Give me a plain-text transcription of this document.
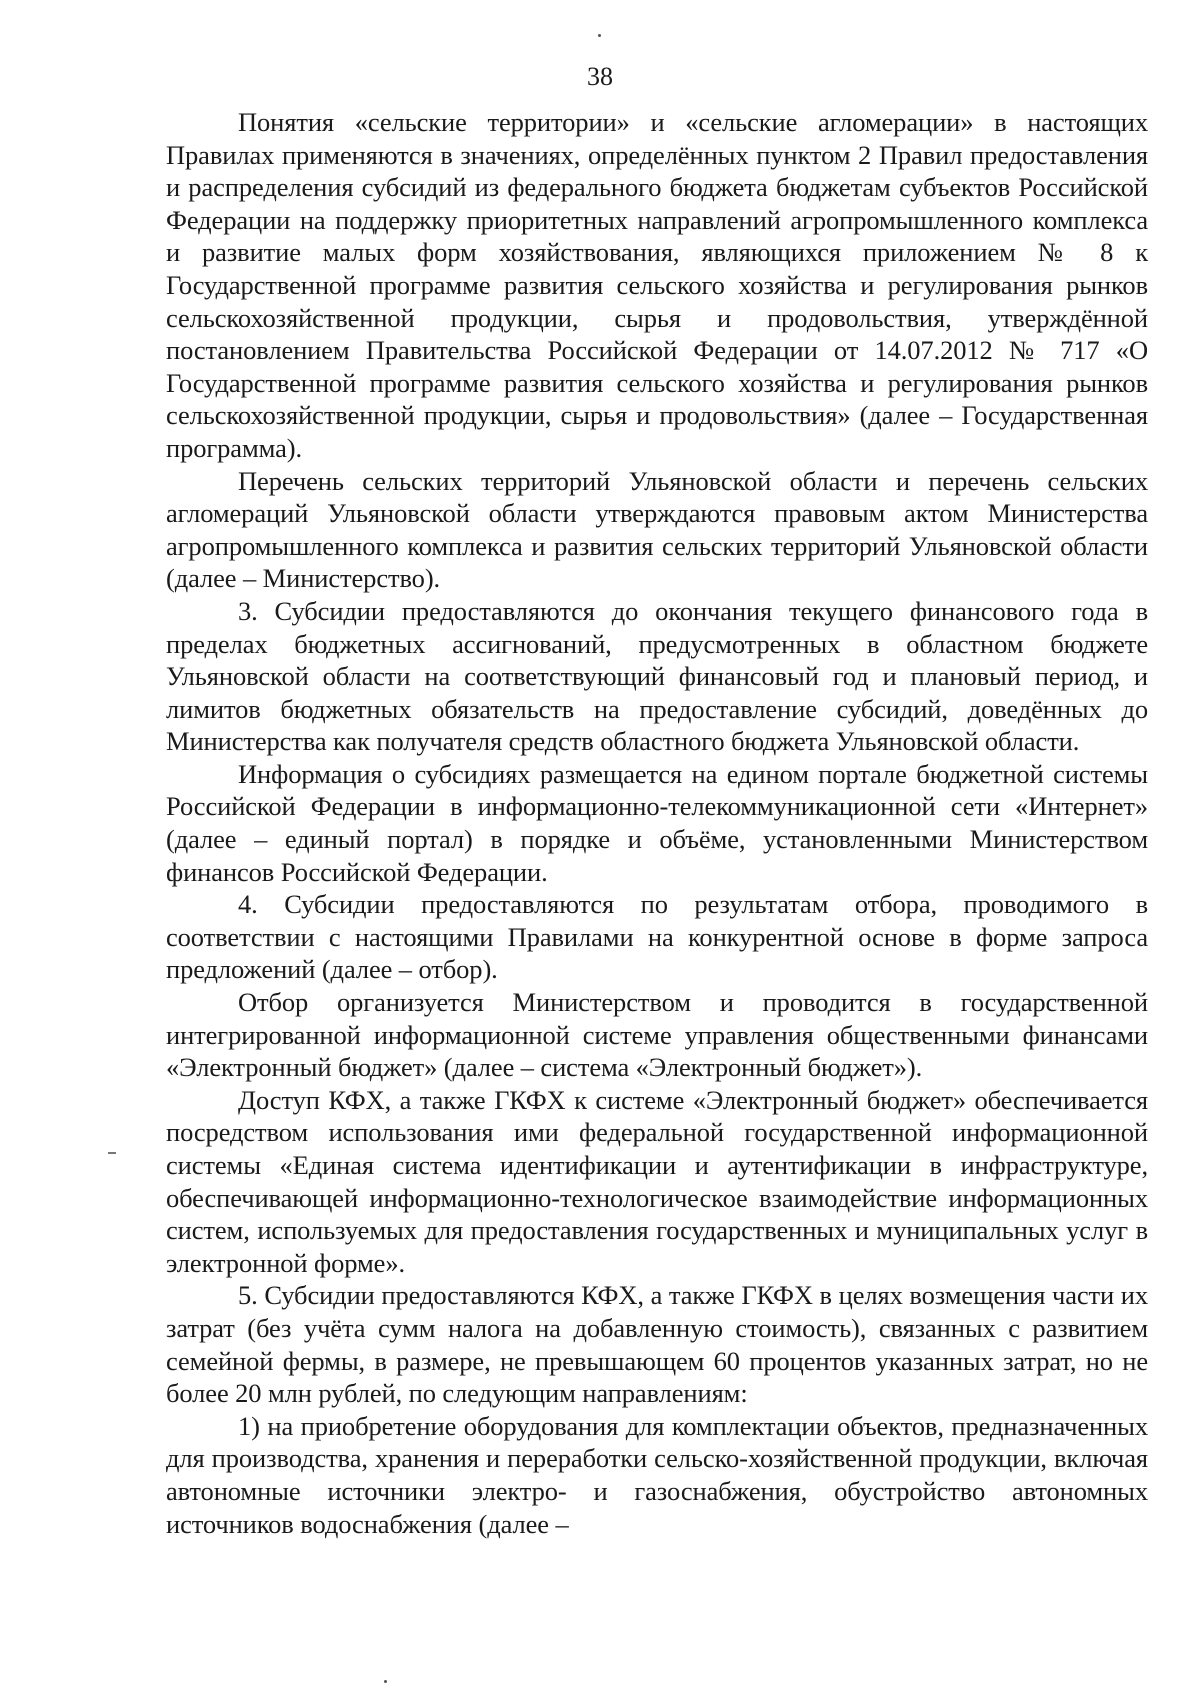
38

Понятия «сельские территории» и «сельские агломерации» в настоящих Правилах применяются в значениях, определённых пунктом 2 Правил предоставления и распределения субсидий из федерального бюджета бюджетам субъектов Российской Федерации на поддержку приоритетных направлений агропромышленного комплекса и развитие малых форм хозяйствования, являющихся приложением № 8 к Государственной программе развития сельского хозяйства и регулирования рынков сельскохозяйственной продукции, сырья и продовольствия, утверждённой постановлением Правительства Российской Федерации от 14.07.2012 № 717 «О Государственной программе развития сельского хозяйства и регулирования рынков сельскохозяйственной продукции, сырья и продовольствия» (далее – Государственная программа).

Перечень сельских территорий Ульяновской области и перечень сельских агломераций Ульяновской области утверждаются правовым актом Министерства агропромышленного комплекса и развития сельских территорий Ульяновской области (далее – Министерство).

3. Субсидии предоставляются до окончания текущего финансового года в пределах бюджетных ассигнований, предусмотренных в областном бюджете Ульяновской области на соответствующий финансовый год и плановый период, и лимитов бюджетных обязательств на предоставление субсидий, доведённых до Министерства как получателя средств областного бюджета Ульяновской области.

Информация о субсидиях размещается на едином портале бюджетной системы Российской Федерации в информационно-телекоммуникационной сети «Интернет» (далее – единый портал) в порядке и объёме, установленными Министерством финансов Российской Федерации.

4. Субсидии предоставляются по результатам отбора, проводимого в соответствии с настоящими Правилами на конкурентной основе в форме запроса предложений (далее – отбор).

Отбор организуется Министерством и проводится в государственной интегрированной информационной системе управления общественными финансами «Электронный бюджет» (далее – система «Электронный бюджет»).

Доступ КФХ, а также ГКФХ к системе «Электронный бюджет» обеспечивается посредством использования ими федеральной государственной информационной системы «Единая система идентификации и аутентификации в инфраструктуре, обеспечивающей информационно-технологическое взаимодействие информационных систем, используемых для предоставления государственных и муниципальных услуг в электронной форме».

5. Субсидии предоставляются КФХ, а также ГКФХ в целях возмещения части их затрат (без учёта сумм налога на добавленную стоимость), связанных с развитием семейной фермы, в размере, не превышающем 60 процентов указанных затрат, но не более 20 млн рублей, по следующим направлениям:

1) на приобретение оборудования для комплектации объектов, предназначенных для производства, хранения и переработки сельско-хозяйственной продукции, включая автономные источники электро- и газоснабжения, обустройство автономных источников водоснабжения (далее –
